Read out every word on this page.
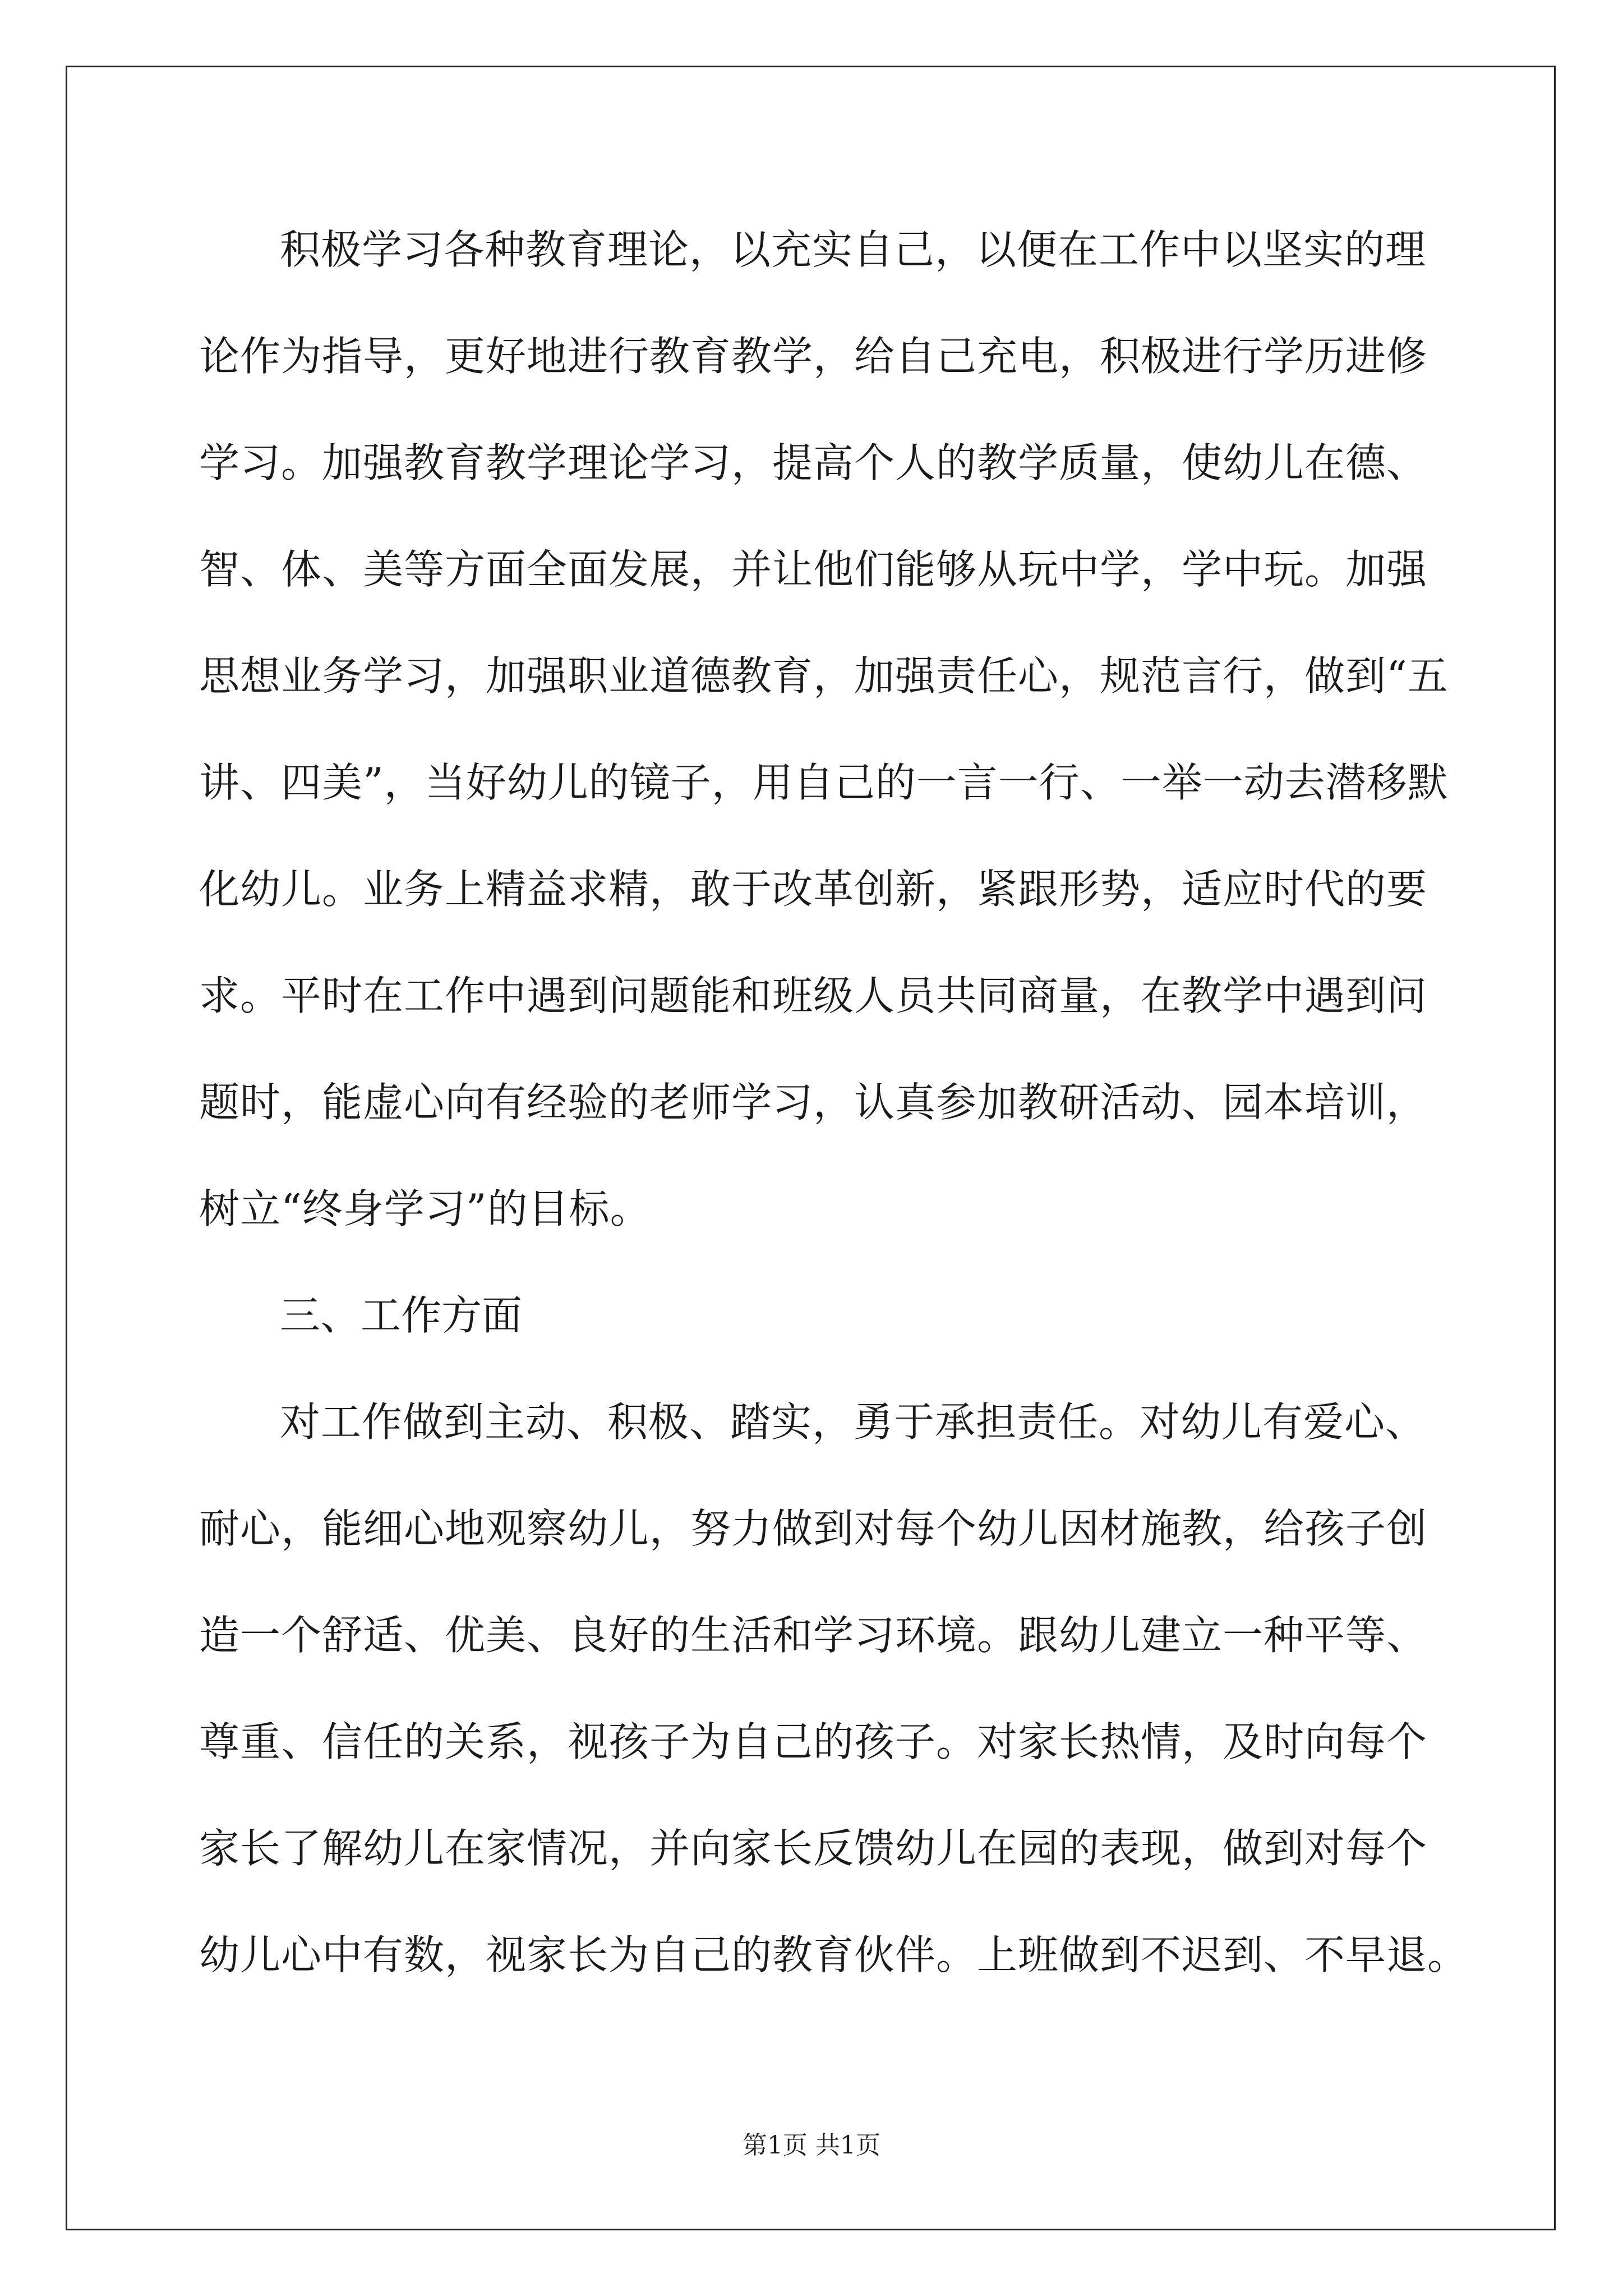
积极学习各种教育理论，以充实自己，以便在工作中以坚实的理
论作为指导，更好地进行教育教学，给自己充电，积极进行学历进修
学习。加强教育教学理论学习，提高个人的教学质量，使幼儿在德、
智、体、美等方面全面发展，并让他们能够从玩中学，学中玩。加强
思想业务学习，加强职业道德教育，加强责任心，规范言行，做到“五
讲、四美”，当好幼儿的镜子，用自己的一言一行、一举一动去潜移默
化幼儿。业务上精益求精，敢于改革创新，紧跟形势，适应时代的要
求。平时在工作中遇到问题能和班级人员共同商量，在教学中遇到问
题时，能虚心向有经验的老师学习，认真参加教研活动、园本培训，
树立“终身学习”的目标。
三、工作方面
对工作做到主动、积极、踏实，勇于承担责任。对幼儿有爱心、
耐心，能细心地观察幼儿，努力做到对每个幼儿因材施教，给孩子创
造一个舒适、优美、良好的生活和学习环境。跟幼儿建立一种平等、
尊重、信任的关系，视孩子为自己的孩子。对家长热情，及时向每个
家长了解幼儿在家情况，并向家长反馈幼儿在园的表现，做到对每个
幼儿心中有数，视家长为自己的教育伙伴。上班做到不迟到、不早退。
第1页 共1页
